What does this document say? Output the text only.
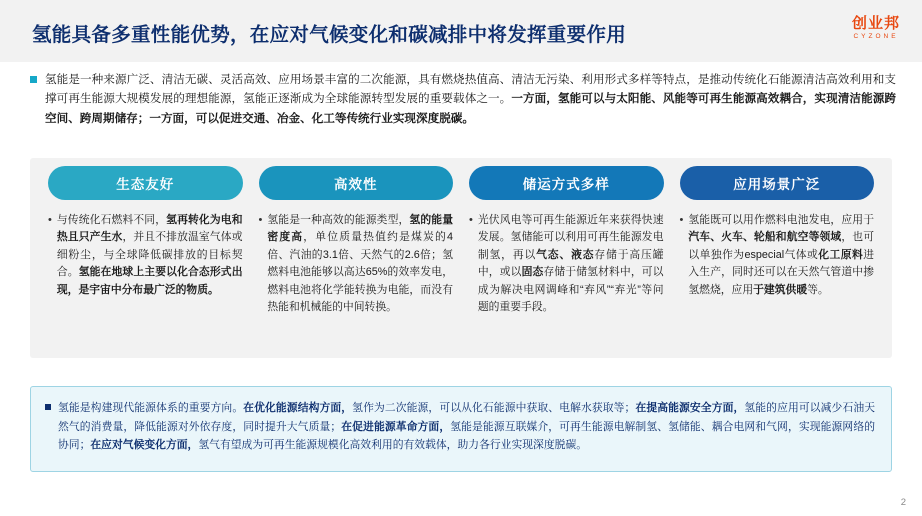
氢能具备多重性能优势，在应对气候变化和碳减排中将发挥重要作用
创业邦
CYZONE
氢能是一种来源广泛、清洁无碳、灵活高效、应用场景丰富的二次能源，具有燃烧热值高、清洁无污染、利用形式多样等特点，是推动传统化石能源清洁高效利用和支撑可再生能源大规模发展的理想能源，氢能正逐渐成为全球能源转型发展的重要载体之一。一方面，氢能可以与太阳能、风能等可再生能源高效耦合，实现清洁能源跨空间、跨周期储存；一方面，可以促进交通、冶金、化工等传统行业实现深度脱碳。
生态友好
• 与传统化石燃料不同，氢再转化为电和热且只产生水，并且不排放温室气体或细粉尘，与全球降低碳排放的目标契合。氢能在地球上主要以化合态形式出现，是宇宙中分布最广泛的物质。
高效性
• 氢能是一种高效的能源类型，氢的能量密度高，单位质量热值约是煤炭的4倍、汽油的3.1倍、天然气的2.6倍；氢燃料电池能够以高达65%的效率发电，燃料电池将化学能转换为电能，而没有热能和机械能的中间转换。
储运方式多样
• 光伏风电等可再生能源近年来获得快速发展。氢储能可以利用可再生能源发电制氢，再以气态、液态存储于高压罐中，或以固态存储于储氢材料中，可以成为解决电网调峰和“弃风”“弃光”等问题的重要手段。
应用场景广泛
• 氢能既可以用作燃料电池发电，应用于汽车、火车、轮船和航空等领域，也可以单独作为especial气体或化工原料进入生产，同时还可以在天然气管道中掺氢燃烧，应用于建筑供暖等。
氢能是构建现代能源体系的重要方向。在优化能源结构方面，氢作为二次能源，可以从化石能源中获取、电解水获取等；在提高能源安全方面，氢能的应用可以减少石油天然气的消费量，降低能源对外依存度，同时提升大气质量；在促进能源革命方面，氢能是能源互联媒介，可再生能源电解制氢、氢储能、耦合电网和气网，实现能源网络的协同；在应对气候变化方面，氢气有望成为可再生能源规模化高效利用的有效载体，助力各行业实现深度脱碳。
2
